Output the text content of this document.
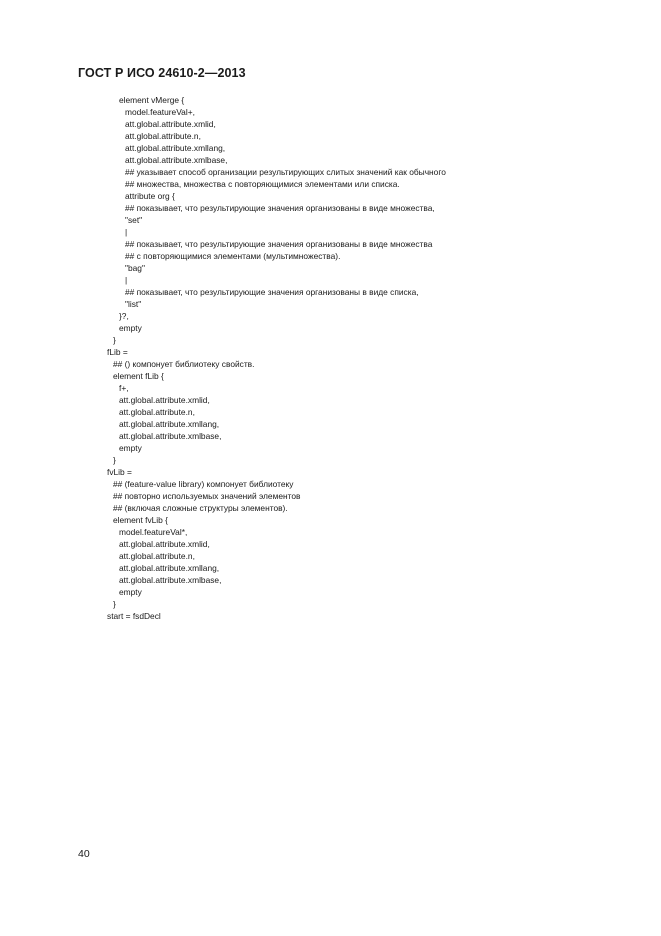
ГОСТ Р ИСО 24610-2—2013
element vMerge {
model.featureVal+,
att.global.attribute.xmlid,
att.global.attribute.n,
att.global.attribute.xmllang,
att.global.attribute.xmlbase,
## указывает способ организации результирующих слитых значений как обычного
## множества, множества с повторяющимися элементами или списка.
attribute org {
## показывает, что результирующие значения организованы в виде множества,
"set"
|
## показывает, что результирующие значения организованы в виде множества
## с повторяющимися элементами (мультимножества).
"bag"
|
## показывает, что результирующие значения организованы в виде списка,
"list"
}?,
empty
}
fLib =
## () компонует библиотеку свойств.
element fLib {
f+,
att.global.attribute.xmlid,
att.global.attribute.n,
att.global.attribute.xmllang,
att.global.attribute.xmlbase,
empty
}
fvLib =
## (feature-value library) компонует библиотеку
## повторно используемых значений элементов
## (включая сложные структуры элементов).
element fvLib {
model.featureVal*,
att.global.attribute.xmlid,
att.global.attribute.n,
att.global.attribute.xmllang,
att.global.attribute.xmlbase,
empty
}
start = fsdDecl
40
